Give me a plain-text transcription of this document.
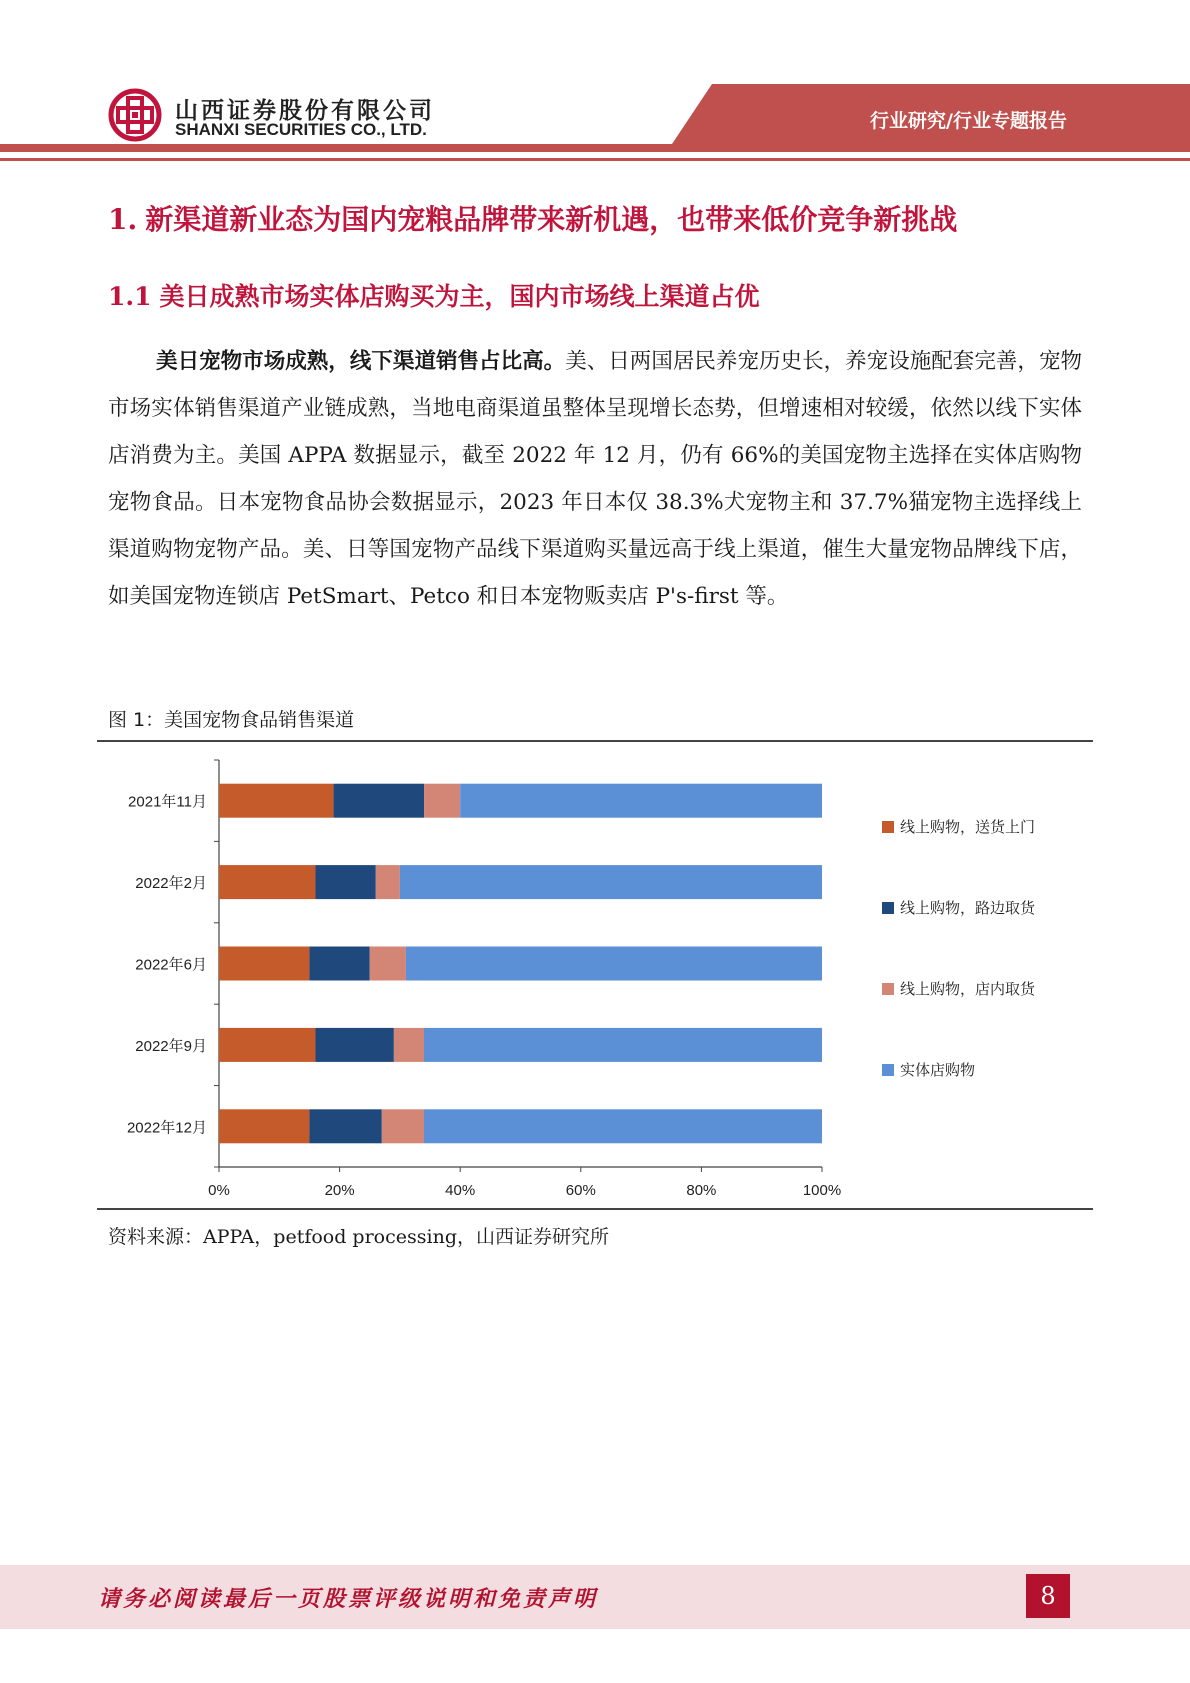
山西证券股份有限公司
SHANXI SECURITIES CO., LTD.	行业研究/行业专题报告
1. 新渠道新业态为国内宠粮品牌带来新机遇，也带来低价竞争新挑战
1.1 美日成熟市场实体店购买为主，国内市场线上渠道占优
美日宠物市场成熟，线下渠道销售占比高。美、日两国居民养宠历史长，养宠设施配套完善，宠物市场实体销售渠道产业链成熟，当地电商渠道虽整体呈现增长态势，但增速相对较缓，依然以线下实体店消费为主。美国 APPA 数据显示，截至 2022 年 12 月，仍有 66%的美国宠物主选择在实体店购物宠物食品。日本宠物食品协会数据显示，2023 年日本仅 38.3%犬宠物主和 37.7%猫宠物主选择线上渠道购物宠物产品。美、日等国宠物产品线下渠道购买量远高于线上渠道，催生大量宠物品牌线下店，如美国宠物连锁店 PetSmart、Petco 和日本宠物贩卖店 P's-first 等。
图 1：美国宠物食品销售渠道
2021年11月
2022年2月
2022年6月
2022年9月
2022年12月
0%	20%	40%	60%	80%	100%
线上购物，送货上门
线上购物，路边取货
线上购物，店内取货
实体店购物
资料来源：APPA，petfood processing，山西证券研究所
请务必阅读最后一页股票评级说明和免责声明	8
